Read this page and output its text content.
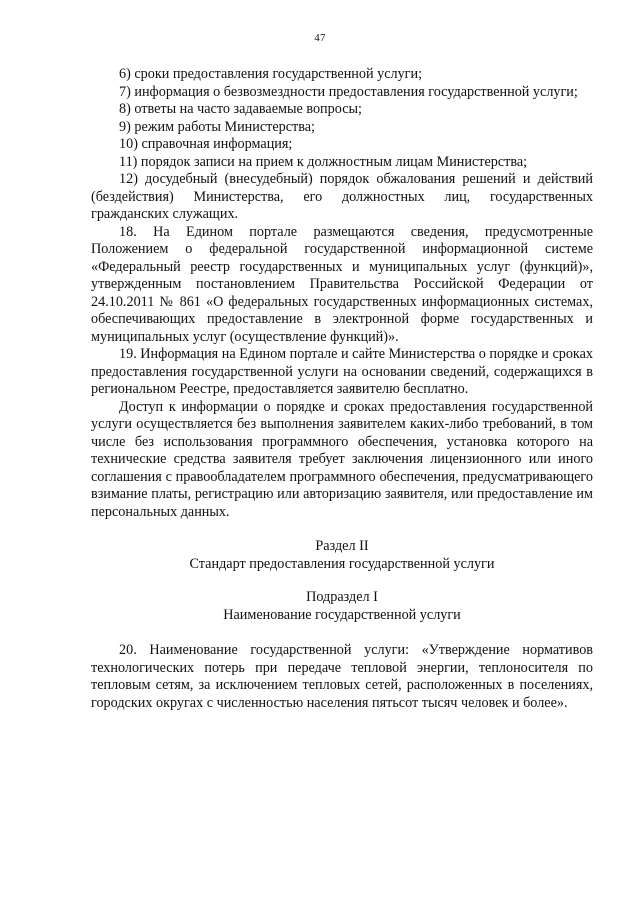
47

6) сроки предоставления государственной услуги;

7) информация о безвозмездности предоставления государственной услуги;

8) ответы на часто задаваемые вопросы;

9) режим работы Министерства;

10) справочная информация;

11) порядок записи на прием к должностным лицам Министерства;

12) досудебный (внесудебный) порядок обжалования решений и действий (бездействия) Министерства, его должностных лиц, государственных гражданских служащих.

18. На Едином портале размещаются сведения, предусмотренные Положением о федеральной государственной информационной системе «Федеральный реестр государственных и муниципальных услуг (функций)», утвержденным постановлением Правительства Российской Федерации от 24.10.2011 № 861 «О федеральных государственных информационных системах, обеспечивающих предоставление в электронной форме государственных и муниципальных услуг (осуществление функций)».

19. Информация на Едином портале и сайте Министерства о порядке и сроках предоставления государственной услуги на основании сведений, содержащихся в региональном Реестре, предоставляется заявителю бесплатно.

Доступ к информации о порядке и сроках предоставления государственной услуги осуществляется без выполнения заявителем каких-либо требований, в том числе без использования программного обеспечения, установка которого на технические средства заявителя требует заключения лицензионного или иного соглашения с правообладателем программного обеспечения, предусматривающего взимание платы, регистрацию или авторизацию заявителя, или предоставление им персональных данных.

Раздел II

Стандарт предоставления государственной услуги

Подраздел I

Наименование государственной услуги

20. Наименование государственной услуги: «Утверждение нормативов технологических потерь при передаче тепловой энергии, теплоносителя по тепловым сетям, за исключением тепловых сетей, расположенных в поселениях, городских округах с численностью населения пятьсот тысяч человек и более».
